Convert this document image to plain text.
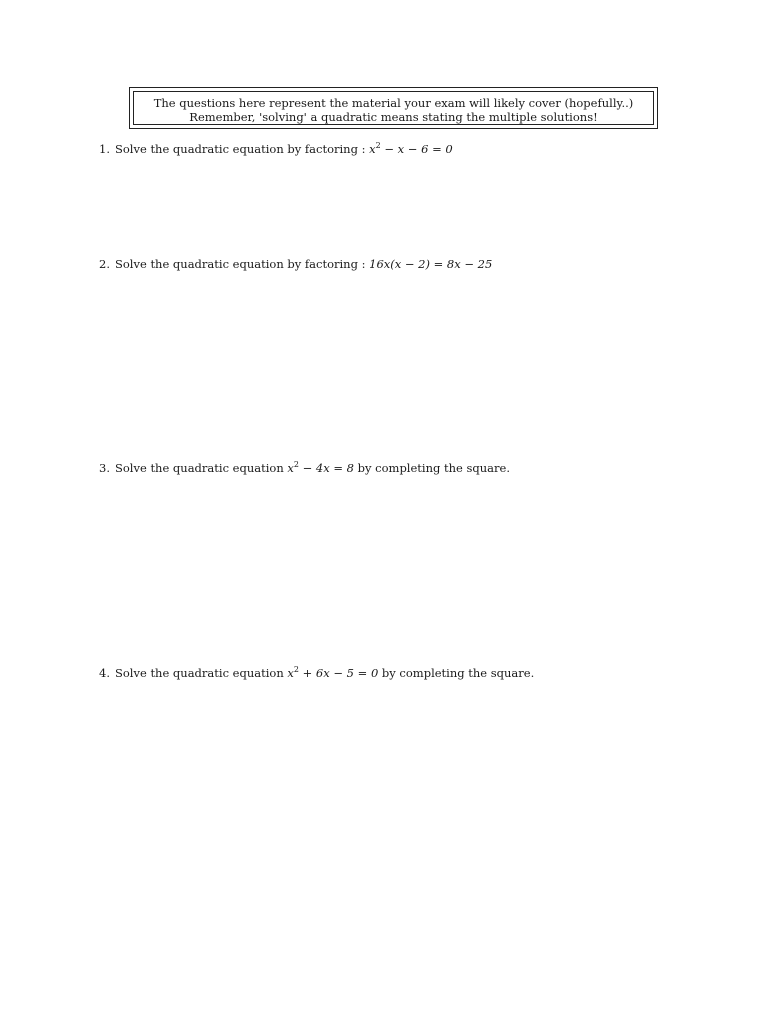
The questions here represent the material your exam will likely cover (hopefully..)
Remember, 'solving' a quadratic means stating the multiple solutions!
1. Solve the quadratic equation by factoring : $x^2 - x - 6 = 0$
2. Solve the quadratic equation by factoring : 16x(x − 2) = 8x − 25
3. Solve the quadratic equation $x^2 - 4x = 8$ by completing the square.
4. Solve the quadratic equation $x^2 + 6x - 5 = 0$ by completing the square.
